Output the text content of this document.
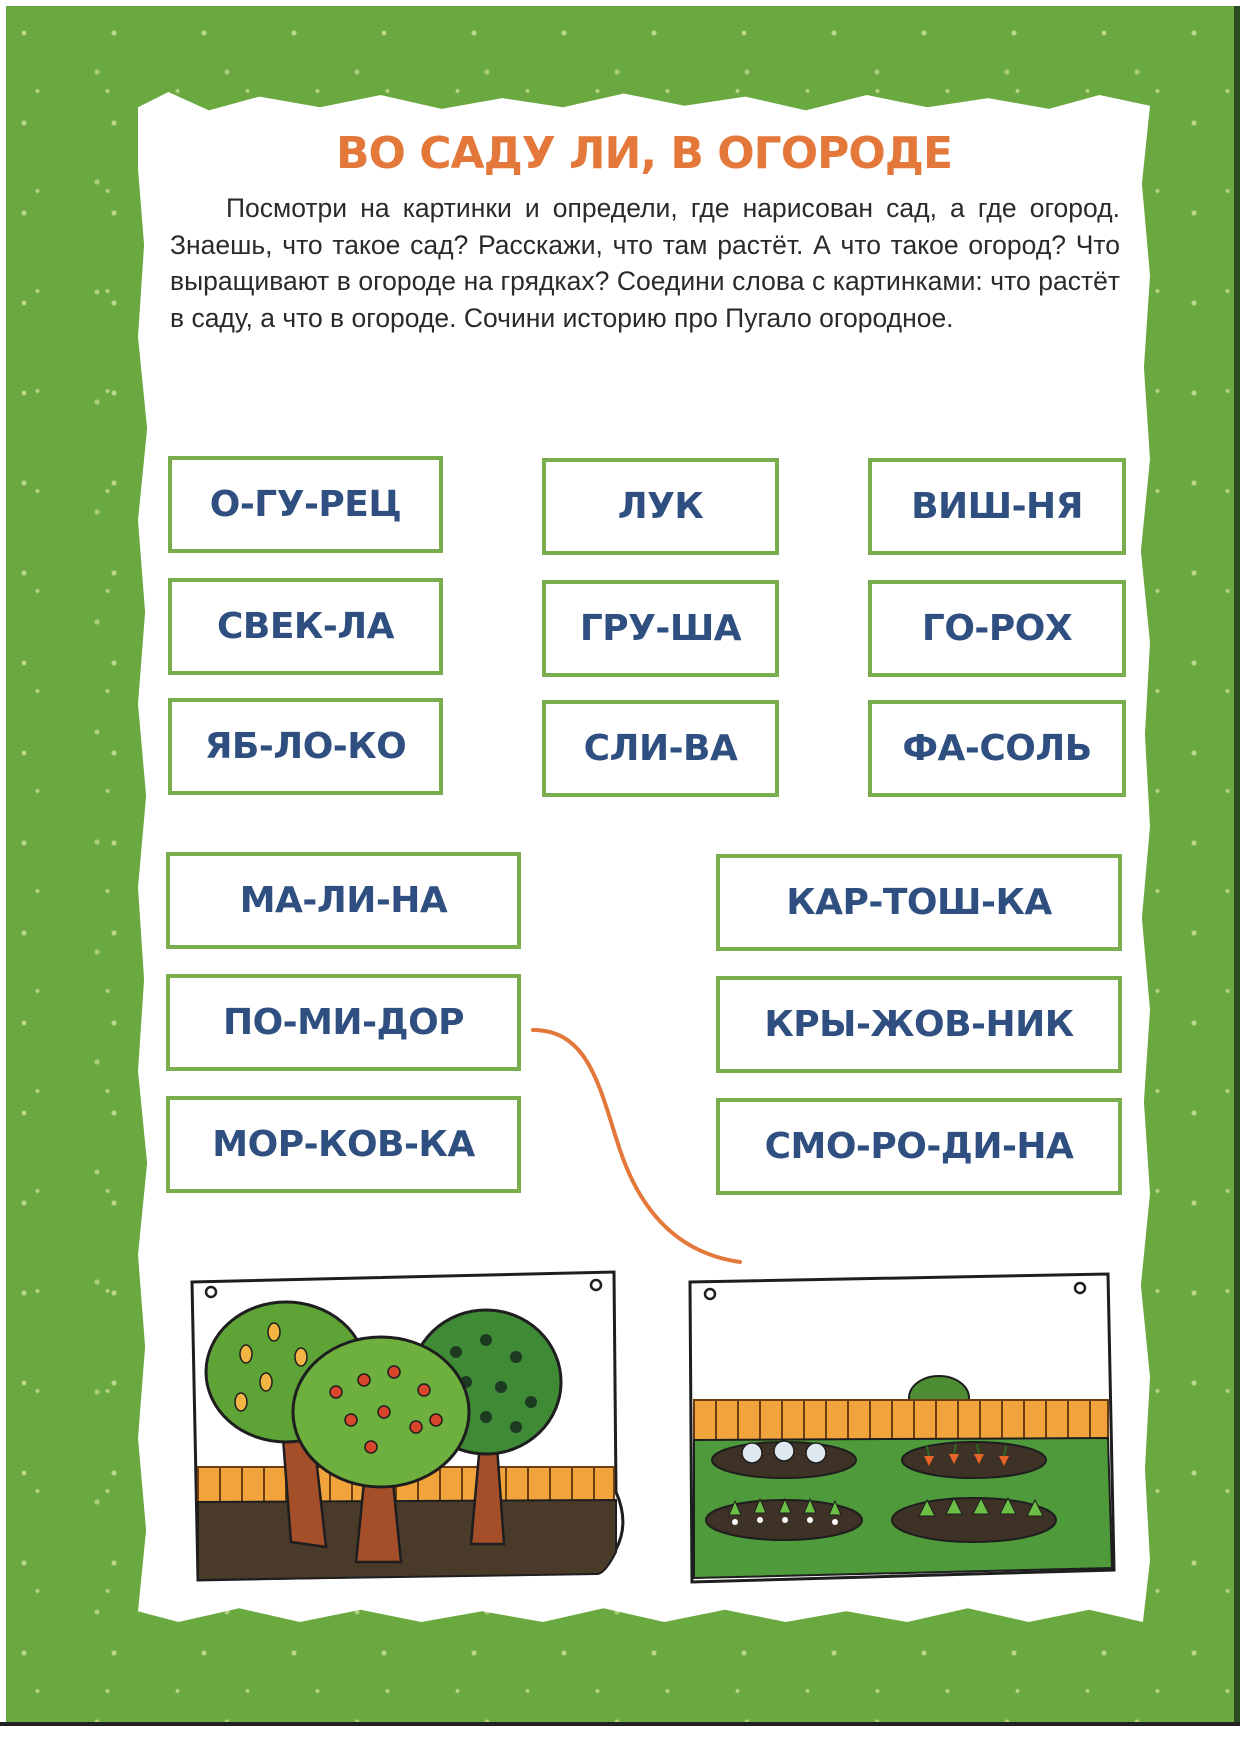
ВО САДУ ЛИ, В ОГОРОДЕ
Посмотри на картинки и определи, где нарисован сад, а где огород. Знаешь, что такое сад? Расскажи, что там растёт. А что такое огород? Что выращивают в огороде на грядках? Соедини слова с картинками: что растёт в саду, а что в огороде. Сочини историю про Пугало огородное.
О-ГУ-РЕЦ	ЛУК	ВИШ-НЯ
СВЕК-ЛА	ГРУ-ША	ГО-РОХ
ЯБ-ЛО-КО	СЛИ-ВА	ФА-СОЛЬ
МА-ЛИ-НА	КАР-ТОШ-КА
ПО-МИ-ДОР	КРЫ-ЖОВ-НИК
МОР-КОВ-КА	СМО-РО-ДИ-НА
